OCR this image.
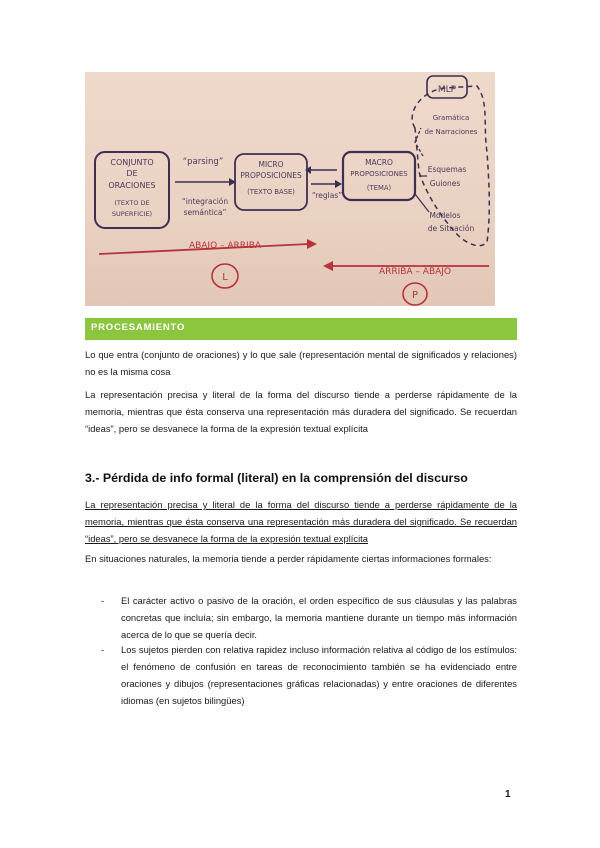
CONJUNTO
DE
ORACIONES
(TEXTO DE
SUPERFICIE)
“parsing”
“integración
semántica”
MICRO
PROPOSICIONES
(TEXTO BASE) “reglas”
MACRO
PROPOSICIONES
(TEMA)
MLP
Gramática
de Narraciones
Esquemas
Guiones
Modelos
de Situación
ABAJO – ARRIBA
L	ARRIBA – ABAJO
P
PROCESAMIENTO
Lo que entra (conjunto de oraciones) y lo que sale (representación mental de significados y relaciones) no es la misma cosa
La representación precisa y literal de la forma del discurso tiende a perderse rápidamente de la memoria, mientras que ésta conserva una representación más duradera del significado. Se recuerdan “ideas”, pero se desvanece la forma de la expresión textual explícita
3.- Pérdida de info formal (literal) en la comprensión del discurso
La representación precisa y literal de la forma del discurso tiende a perderse rápidamente de la memoria, mientras que ésta conserva una representación más duradera del significado. Se recuerdan “ideas”, pero se desvanece la forma de la expresión textual explícita
En situaciones naturales, la memoria tiende a perder rápidamente ciertas informaciones formales:
- El carácter activo o pasivo de la oración, el orden específico de sus cláusulas y las palabras concretas que incluía; sin embargo, la memoria mantiene durante un tiempo más información acerca de lo que se quería decir.
- Los sujetos pierden con relativa rapidez incluso información relativa al código de los estímulos: el fenómeno de confusión en tareas de reconocimiento también se ha evidenciado entre oraciones y dibujos (representaciones gráficas relacionadas) y entre oraciones de diferentes idiomas (en sujetos bilingües)
1
